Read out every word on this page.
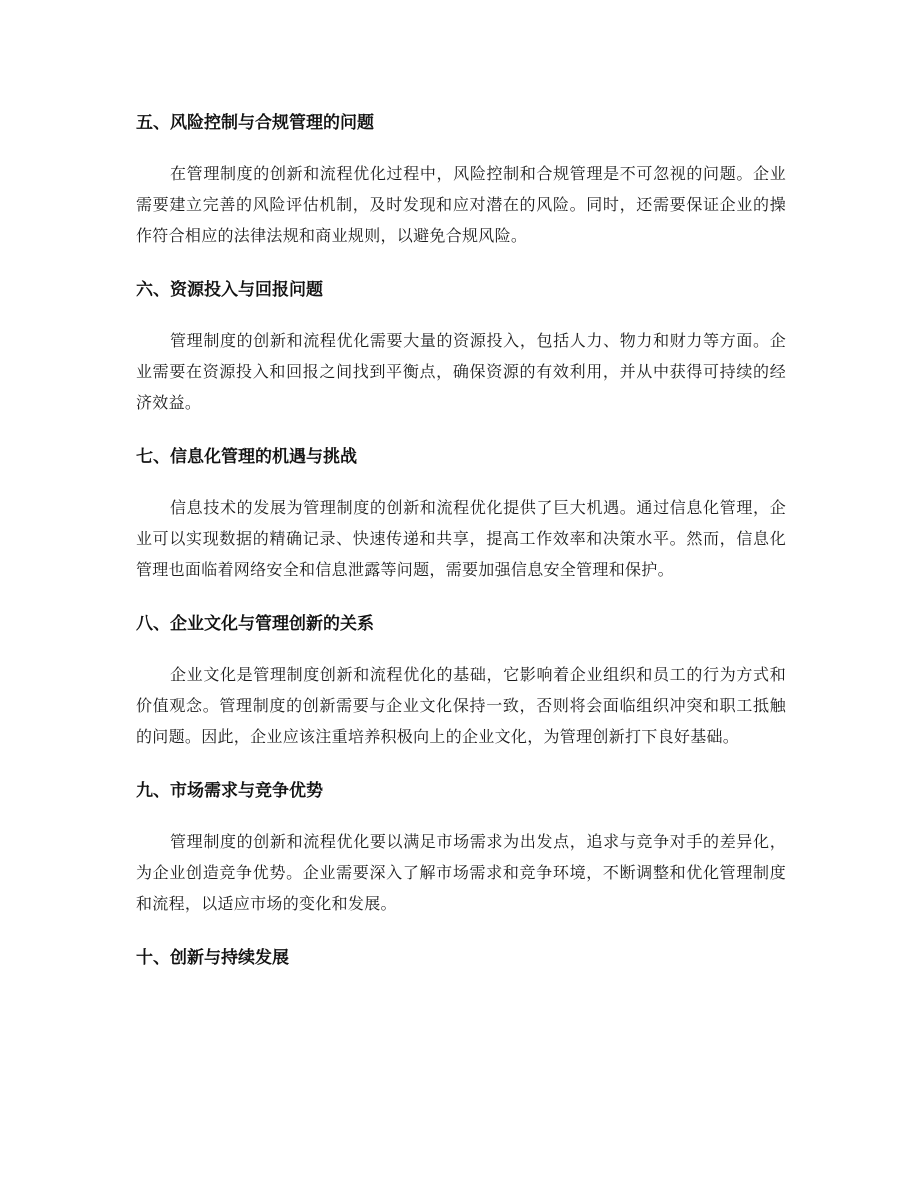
五、风险控制与合规管理的问题

在管理制度的创新和流程优化过程中，风险控制和合规管理是不可忽视的问题。企业需要建立完善的风险评估机制，及时发现和应对潜在的风险。同时，还需要保证企业的操作符合相应的法律法规和商业规则，以避免合规风险。

六、资源投入与回报问题

管理制度的创新和流程优化需要大量的资源投入，包括人力、物力和财力等方面。企业需要在资源投入和回报之间找到平衡点，确保资源的有效利用，并从中获得可持续的经济效益。

七、信息化管理的机遇与挑战

信息技术的发展为管理制度的创新和流程优化提供了巨大机遇。通过信息化管理，企业可以实现数据的精确记录、快速传递和共享，提高工作效率和决策水平。然而，信息化管理也面临着网络安全和信息泄露等问题，需要加强信息安全管理和保护。

八、企业文化与管理创新的关系

企业文化是管理制度创新和流程优化的基础，它影响着企业组织和员工的行为方式和价值观念。管理制度的创新需要与企业文化保持一致，否则将会面临组织冲突和职工抵触的问题。因此，企业应该注重培养积极向上的企业文化，为管理创新打下良好基础。

九、市场需求与竞争优势

管理制度的创新和流程优化要以满足市场需求为出发点，追求与竞争对手的差异化，为企业创造竞争优势。企业需要深入了解市场需求和竞争环境，不断调整和优化管理制度和流程，以适应市场的变化和发展。

十、创新与持续发展
